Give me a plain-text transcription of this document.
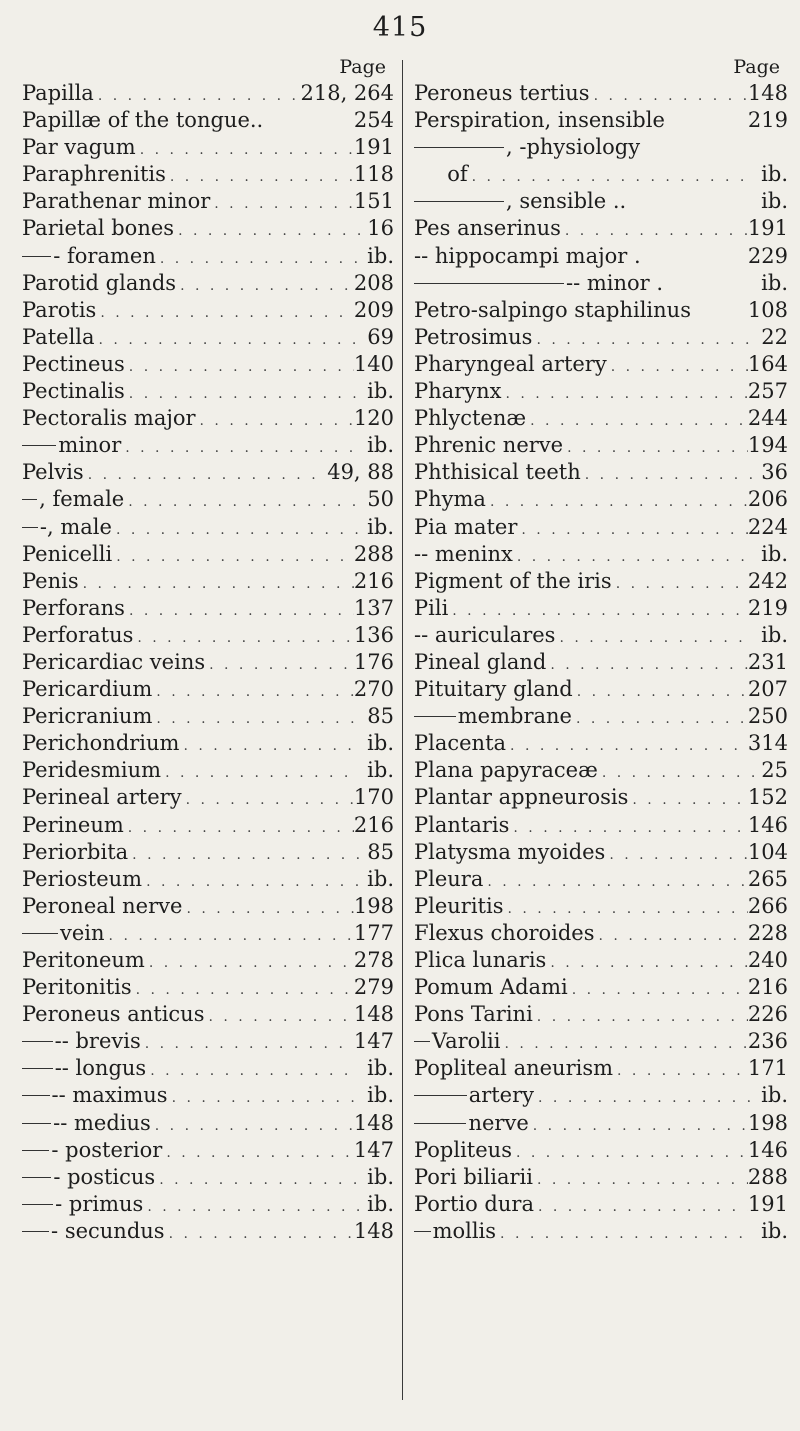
415
Page
Papilla . . .	218, 264
Papillæ of the tongue..	254
Par vagum . . .	191
Paraphrenitis . . .	118
Parathenar minor . . .	151
Parietal bones . . .	16
- foramen . . .	ib.
Parotid glands . . .	208
Parotis . . .	209
Patella . . .	69
Pectineus . . .	140
Pectinalis . . .	ib.
Pectoralis major . . .	120
minor . . .	ib.
Pelvis . . .	49, 88
, female . . .	50
-, male . . .	ib.
Penicelli . . .	288
Penis . . .	216
Perforans . . .	137
Perforatus . . .	136
Pericardiac veins . . .	176
Pericardium . . .	270
Pericranium . . .	85
Perichondrium . . .	ib.
Peridesmium . . .	ib.
Perineal artery . . .	170
Perineum . . .	216
Periorbita . . .	85
Periosteum . . .	ib.
Peroneal nerve . . .	198
vein . . .	177
Peritoneum . . .	278
Peritonitis . . .	279
Peroneus anticus . . .	148
-- brevis . . .	147
-- longus . . .	ib.
-- maximus . . .	ib.
-- medius . . .	148
- posterior . . .	147
- posticus . . .	ib.
- primus . . .	ib.
- secundus . . .	148
Page
Peroneus tertius . . .	148
Perspiration, insensible	219
, -physiology
of . . .	ib.
, sensible ..	ib.
Pes anserinus . . .	191
-- hippocampi major .	229
-- minor .	ib.
Petro-salpingo staphilinus	108
Petrosimus . . .	22
Pharyngeal artery . . .	164
Pharynx . . .	257
Phlyctenæ . . .	244
Phrenic nerve . . .	194
Phthisical teeth . . .	36
Phyma . . .	206
Pia mater . . .	224
-- meninx . . .	ib.
Pigment of the iris . . .	242
Pili . . .	219
-- auriculares . . .	ib.
Pineal gland . . .	231
Pituitary gland . . .	207
membrane . . .	250
Placenta . . .	314
Plana papyraceæ . . .	25
Plantar appneurosis . . .	152
Plantaris . . .	146
Platysma myoides . . .	104
Pleura . . .	265
Pleuritis . . .	266
Flexus choroides . . .	228
Plica lunaris . . .	240
Pomum Adami . . .	216
Pons Tarini . . .	226
Varolii . . .	236
Popliteal aneurism . . .	171
artery . . .	ib.
nerve . . .	198
Popliteus . . .	146
Pori biliarii . . .	288
Portio dura . . .	191
mollis . . .	ib.
